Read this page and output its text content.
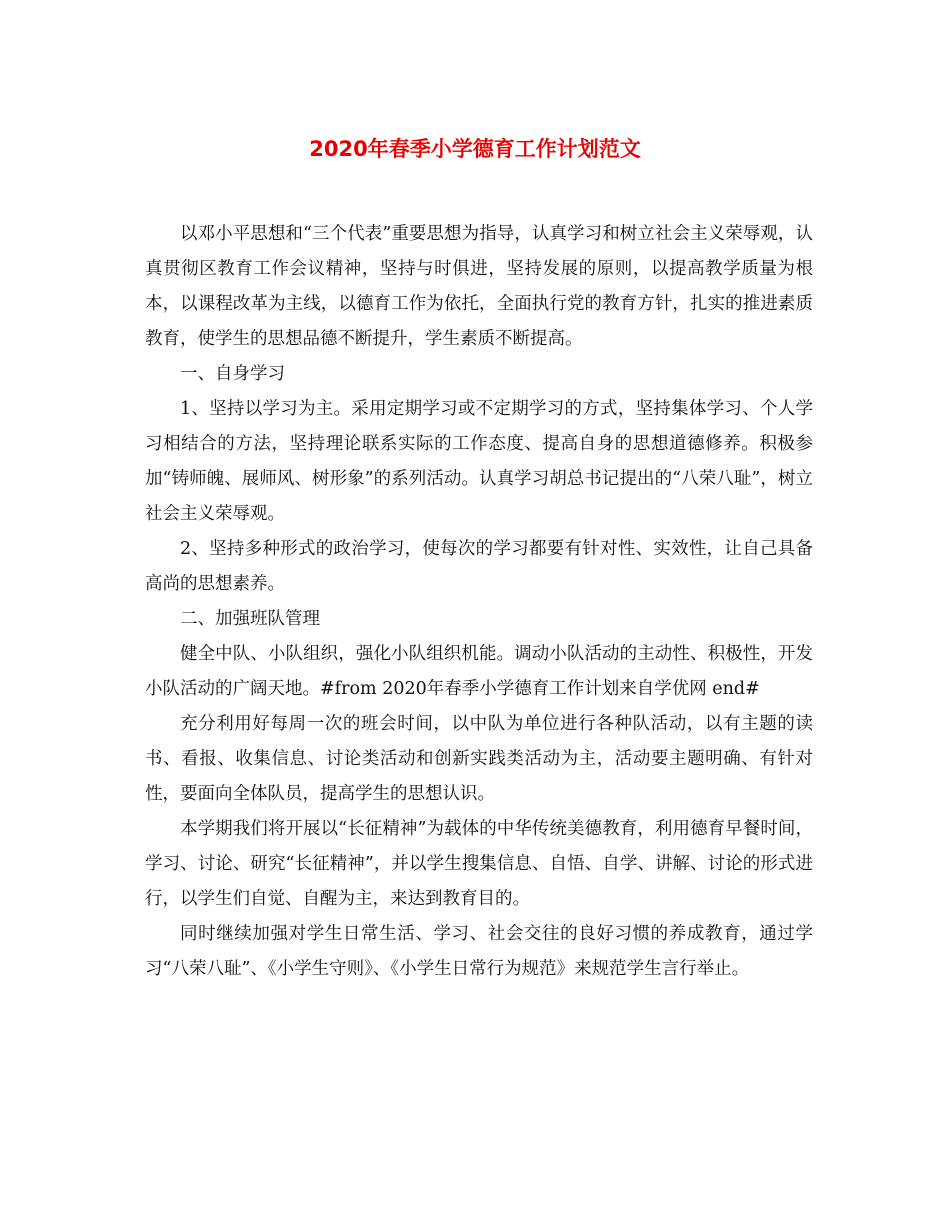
2020年春季小学德育工作计划范文

以邓小平思想和“三个代表”重要思想为指导，认真学习和树立社会主义荣辱观，认真贯彻区教育工作会议精神，坚持与时俱进，坚持发展的原则，以提高教学质量为根本，以课程改革为主线，以德育工作为依托，全面执行党的教育方针，扎实的推进素质教育，使学生的思想品德不断提升，学生素质不断提高。

一、自身学习

1、坚持以学习为主。采用定期学习或不定期学习的方式，坚持集体学习、个人学习相结合的方法，坚持理论联系实际的工作态度、提高自身的思想道德修养。积极参加“铸师魄、展师风、树形象”的系列活动。认真学习胡总书记提出的“八荣八耻”，树立社会主义荣辱观。

2、坚持多种形式的政治学习，使每次的学习都要有针对性、实效性，让自己具备高尚的思想素养。

二、加强班队管理

健全中队、小队组织，强化小队组织机能。调动小队活动的主动性、积极性，开发小队活动的广阔天地。#from 2020年春季小学德育工作计划来自学优网 end#

充分利用好每周一次的班会时间，以中队为单位进行各种队活动，以有主题的读书、看报、收集信息、讨论类活动和创新实践类活动为主，活动要主题明确、有针对性，要面向全体队员，提高学生的思想认识。

本学期我们将开展以“长征精神”为载体的中华传统美德教育，利用德育早餐时间，学习、讨论、研究“长征精神”，并以学生搜集信息、自悟、自学、讲解、讨论的形式进行，以学生们自觉、自醒为主，来达到教育目的。

同时继续加强对学生日常生活、学习、社会交往的良好习惯的养成教育，通过学习“八荣八耻”、《小学生守则》、《小学生日常行为规范》来规范学生言行举止。
